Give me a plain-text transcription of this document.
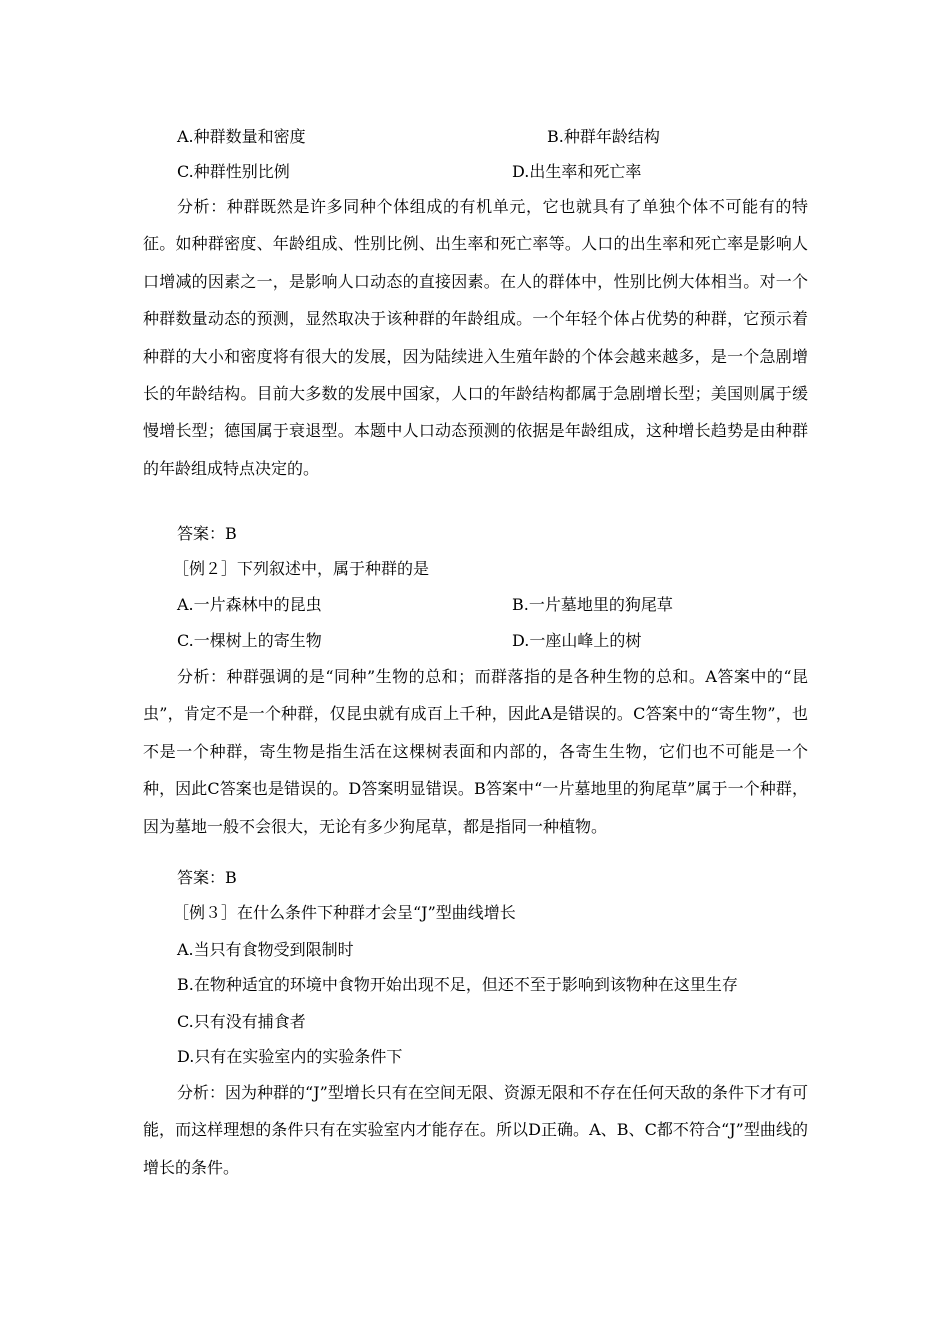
A.种群数量和密度	B.种群年龄结构
C.种群性别比例	D.出生率和死亡率

分析：种群既然是许多同种个体组成的有机单元，它也就具有了单独个体不可能有的特征。如种群密度、年龄组成、性别比例、出生率和死亡率等。人口的出生率和死亡率是影响人口增减的因素之一，是影响人口动态的直接因素。在人的群体中，性别比例大体相当。对一个种群数量动态的预测，显然取决于该种群的年龄组成。一个年轻个体占优势的种群，它预示着种群的大小和密度将有很大的发展，因为陆续进入生殖年龄的个体会越来越多，是一个急剧增长的年龄结构。目前大多数的发展中国家，人口的年龄结构都属于急剧增长型；美国则属于缓慢增长型；德国属于衰退型。本题中人口动态预测的依据是年龄组成，这种增长趋势是由种群的年龄组成特点决定的。

答案：B
［例２］下列叙述中，属于种群的是
A.一片森林中的昆虫	B.一片墓地里的狗尾草
C.一棵树上的寄生物	D.一座山峰上的树

分析：种群强调的是“同种”生物的总和；而群落指的是各种生物的总和。A答案中的“昆虫”，肯定不是一个种群，仅昆虫就有成百上千种，因此A是错误的。C答案中的“寄生物”，也不是一个种群，寄生物是指生活在这棵树表面和内部的，各寄生生物，它们也不可能是一个种，因此C答案也是错误的。D答案明显错误。B答案中“一片墓地里的狗尾草”属于一个种群，因为墓地一般不会很大，无论有多少狗尾草，都是指同一种植物。

答案：B
［例３］在什么条件下种群才会呈“J”型曲线增长
A.当只有食物受到限制时
B.在物种适宜的环境中食物开始出现不足，但还不至于影响到该物种在这里生存
C.只有没有捕食者
D.只有在实验室内的实验条件下

分析：因为种群的“J”型增长只有在空间无限、资源无限和不存在任何天敌的条件下才有可能，而这样理想的条件只有在实验室内才能存在。所以D正确。A、B、C都不符合“J”型曲线的增长的条件。
